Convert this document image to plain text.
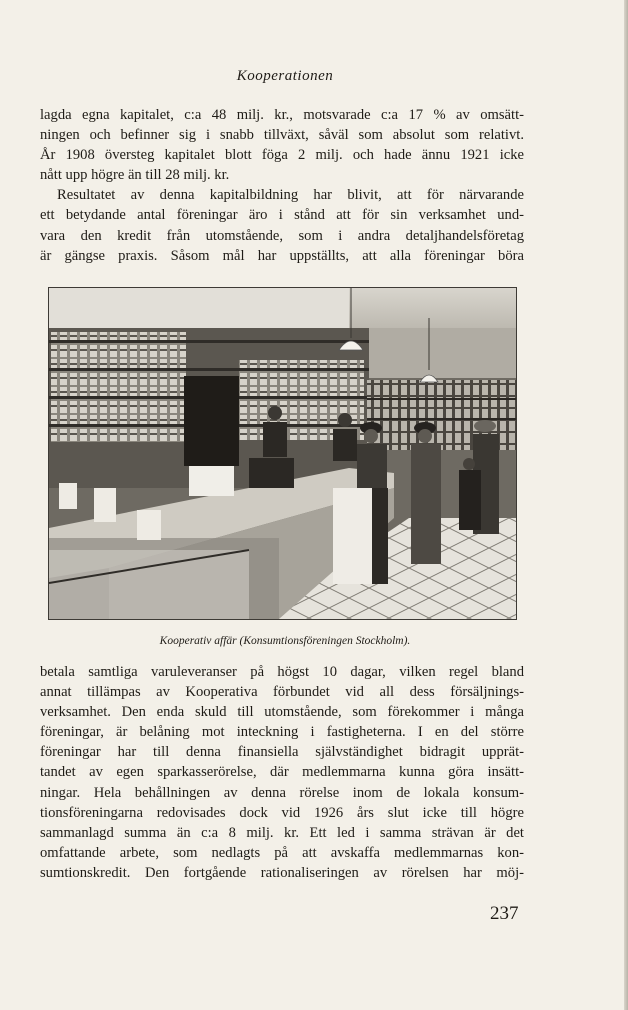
Kooperationen
lagda egna kapitalet, c:a 48 milj. kr., motsvarade c:a 17 % av omsätt-
ningen och befinner sig i snabb tillväxt, såväl som absolut som relativt.
År 1908 översteg kapitalet blott föga 2 milj. och hade ännu 1921 icke
nått upp högre än till 28 milj. kr.
Resultatet av denna kapitalbildning har blivit, att för närvarande
ett betydande antal föreningar äro i stånd att för sin verksamhet und-
vara den kredit från utomstående, som i andra detaljhandelsföretag
är gängse praxis. Såsom mål har uppställts, att alla föreningar böra
Kooperativ affär (Konsumtionsföreningen Stockholm).
betala samtliga varuleveranser på högst 10 dagar, vilken regel bland
annat tillämpas av Kooperativa förbundet vid all dess försäljnings-
verksamhet. Den enda skuld till utomstående, som förekommer i många
föreningar, är belåning mot inteckning i fastigheterna. I en del större
föreningar har till denna finansiella självständighet bidragit upprät-
tandet av egen sparkasserörelse, där medlemmarna kunna göra insätt-
ningar. Hela behållningen av denna rörelse inom de lokala konsum-
tionsföreningarna redovisades dock vid 1926 års slut icke till högre
sammanlagd summa än c:a 8 milj. kr. Ett led i samma strävan är det
omfattande arbete, som nedlagts på att avskaffa medlemmarnas kon-
sumtionskredit. Den fortgående rationaliseringen av rörelsen har möj-
237
